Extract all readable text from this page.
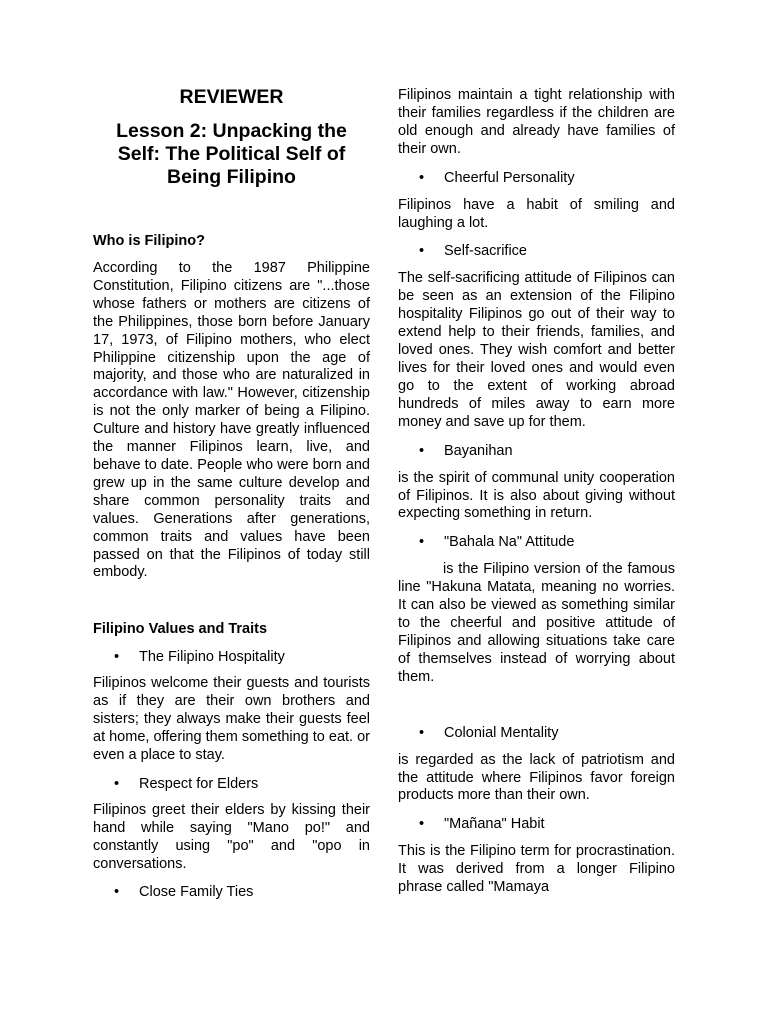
REVIEWER
Lesson 2: Unpacking the Self: The Political Self of Being Filipino

Who is Filipino?

According to the 1987 Philippine Constitution, Filipino citizens are "...those whose fathers or mothers are citizens of the Philippines, those born before January 17, 1973, of Filipino mothers, who elect Philippine citizenship upon the age of majority, and those who are naturalized in accordance with law." However, citizenship is not the only marker of being a Filipino. Culture and history have greatly influenced the manner Filipinos learn, live, and behave to date. People who were born and grew up in the same culture develop and share common personality traits and values. Generations after generations, common traits and values have been passed on that the Filipinos of today still embody.

Filipino Values and Traits

• The Filipino Hospitality

Filipinos welcome their guests and tourists as if they are their own brothers and sisters; they always make their guests feel at home, offering them something to eat. or even a place to stay.

• Respect for Elders

Filipinos greet their elders by kissing their hand while saying "Mano po!" and constantly using "po" and "opo in conversations.

• Close Family Ties

Filipinos maintain a tight relationship with their families regardless if the children are old enough and already have families of their own.

• Cheerful Personality

Filipinos have a habit of smiling and laughing a lot.

• Self-sacrifice

The self-sacrificing attitude of Filipinos can be seen as an extension of the Filipino hospitality Filipinos go out of their way to extend help to their friends, families, and loved ones. They wish comfort and better lives for their loved ones and would even go to the extent of working abroad hundreds of miles away to earn more money and save up for them.

• Bayanihan

is the spirit of communal unity cooperation of Filipinos. It is also about giving without expecting something in return.

• "Bahala Na" Attitude

is the Filipino version of the famous line "Hakuna Matata, meaning no worries. It can also be viewed as something similar to the cheerful and positive attitude of Filipinos and allowing situations take care of themselves instead of worrying about them.

• Colonial Mentality

is regarded as the lack of patriotism and the attitude where Filipinos favor foreign products more than their own.

• "Mañana" Habit

This is the Filipino term for procrastination. It was derived from a longer Filipino phrase called "Mamaya
